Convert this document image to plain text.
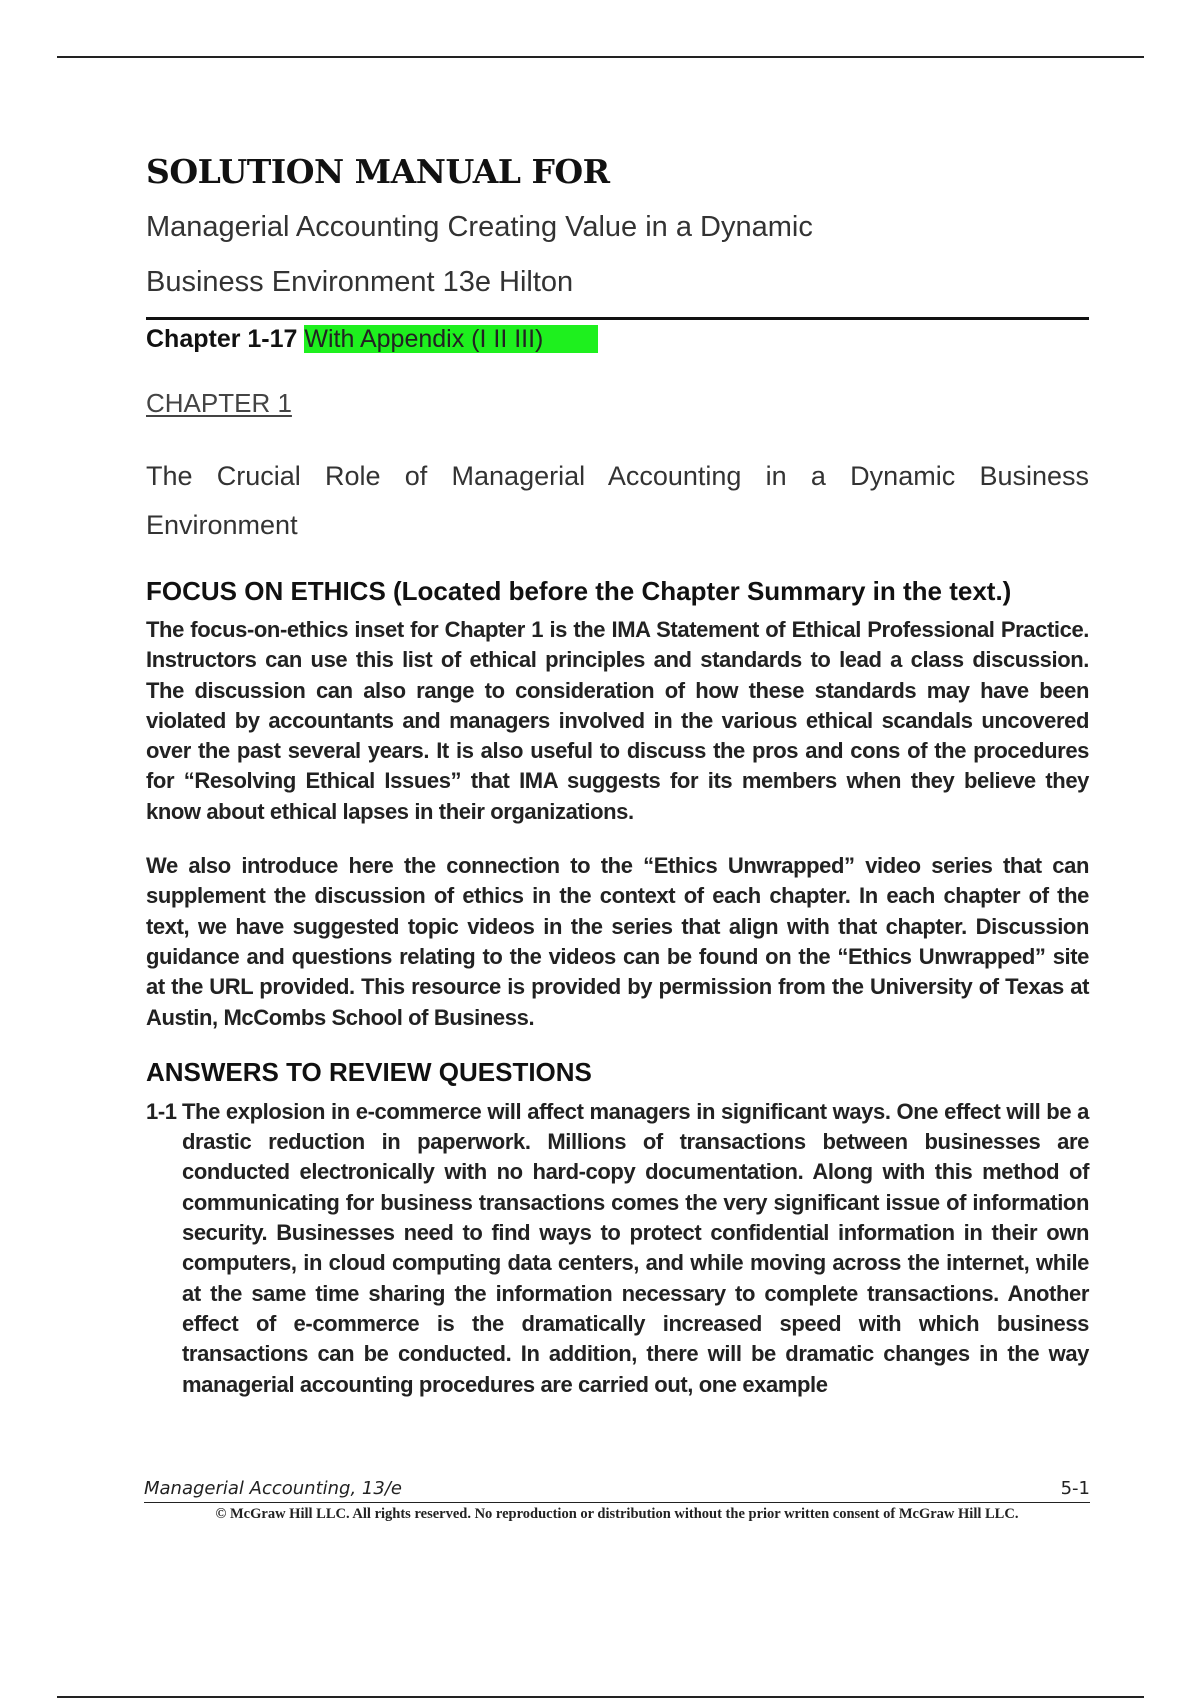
SOLUTION MANUAL FOR
Managerial Accounting Creating Value in a Dynamic Business Environment 13e Hilton
Chapter 1-17 With Appendix (I II III)
CHAPTER 1
The Crucial Role of Managerial Accounting in a Dynamic Business Environment
FOCUS ON ETHICS (Located before the Chapter Summary in the text.)

The focus-on-ethics inset for Chapter 1 is the IMA Statement of Ethical Professional Practice. Instructors can use this list of ethical principles and standards to lead a class discussion. The discussion can also range to consideration of how these standards may have been violated by accountants and managers involved in the various ethical scandals uncovered over the past several years. It is also useful to discuss the pros and cons of the procedures for “Resolving Ethical Issues” that IMA suggests for its members when they believe they know about ethical lapses in their organizations.

We also introduce here the connection to the “Ethics Unwrapped” video series that can supplement the discussion of ethics in the context of each chapter. In each chapter of the text, we have suggested topic videos in the series that align with that chapter. Discussion guidance and questions relating to the videos can be found on the “Ethics Unwrapped” site at the URL provided. This resource is provided by permission from the University of Texas at Austin, McCombs School of Business.

ANSWERS TO REVIEW QUESTIONS
1-1 The explosion in e-commerce will affect managers in significant ways. One effect will be a drastic reduction in paperwork. Millions of transactions between businesses are conducted electronically with no hard-copy documentation. Along with this method of communicating for business transactions comes the very significant issue of information security. Businesses need to find ways to protect confidential information in their own computers, in cloud computing data centers, and while moving across the internet, while at the same time sharing the information necessary to complete transactions. Another effect of e-commerce is the dramatically increased speed with which business transactions can be conducted. In addition, there will be dramatic changes in the way managerial accounting procedures are carried out, one example
Managerial Accounting, 13/e	5-1
© McGraw Hill LLC. All rights reserved. No reproduction or distribution without the prior written consent of McGraw Hill LLC.
